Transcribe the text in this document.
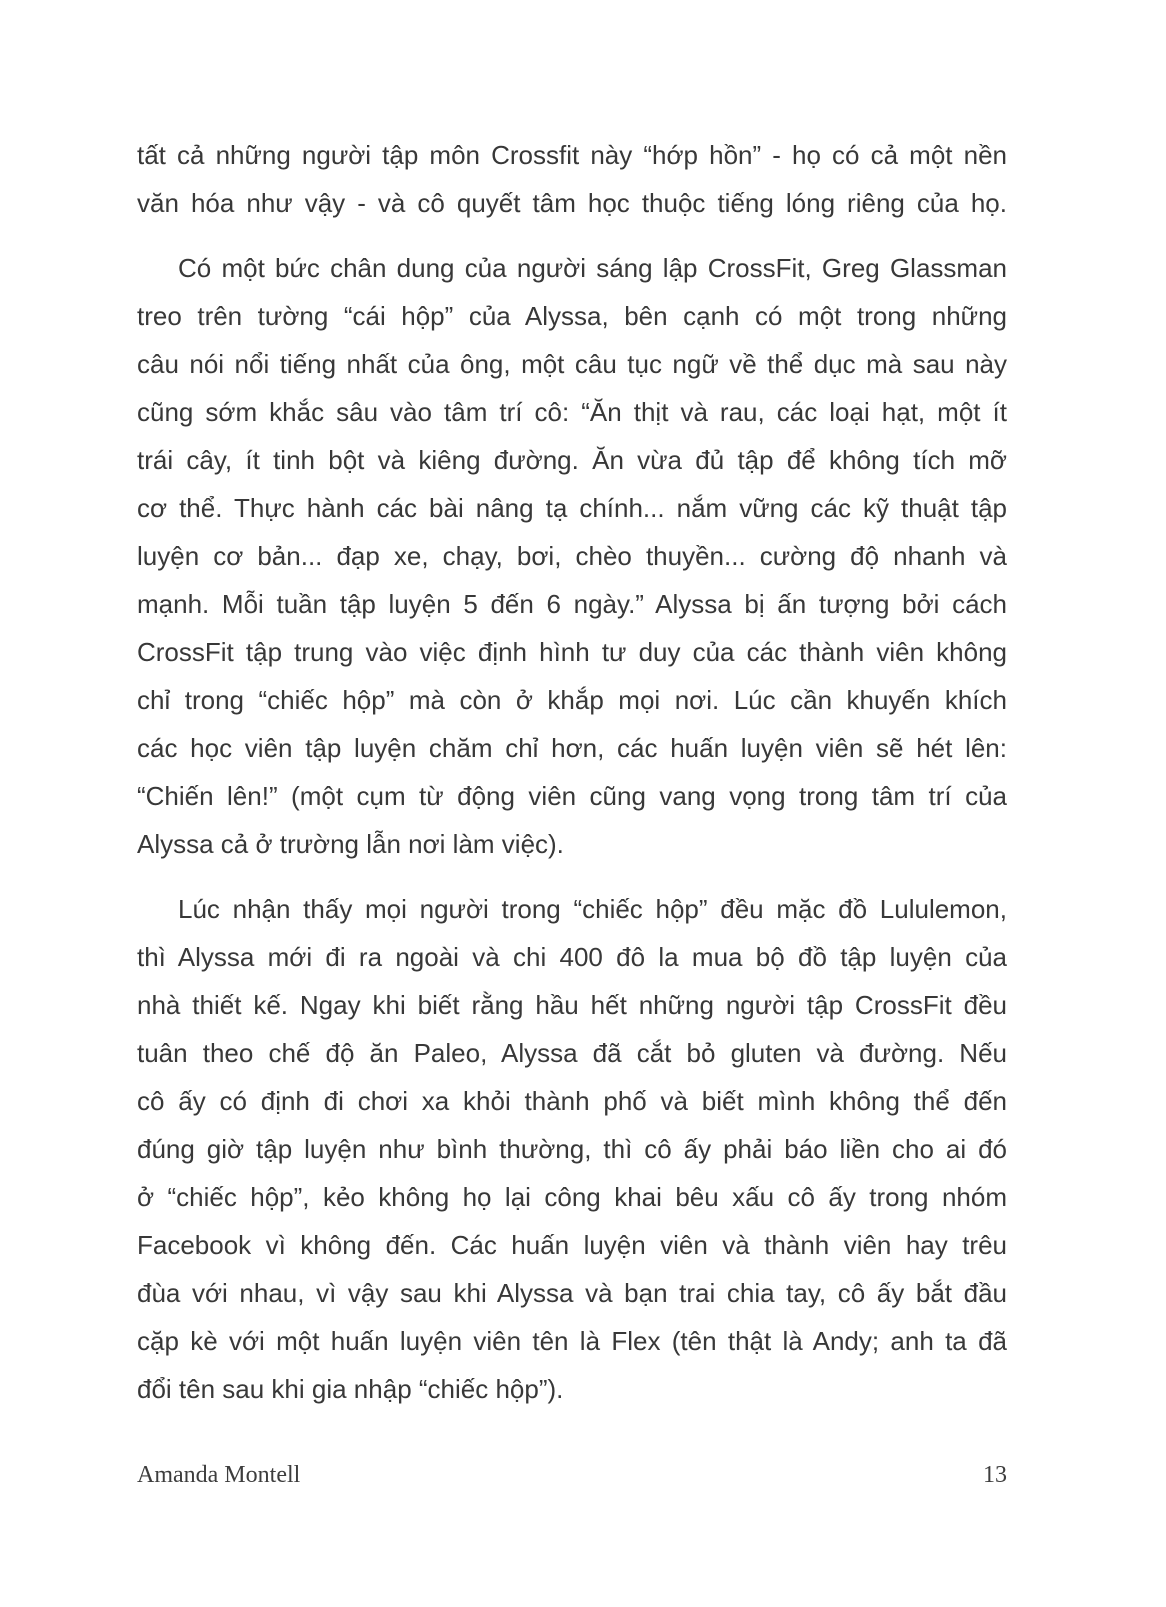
tất cả những người tập môn Crossfit này “hớp hồn” - họ có cả một nền
văn hóa như vậy - và cô quyết tâm học thuộc tiếng lóng riêng của họ.
Có một bức chân dung của người sáng lập CrossFit, Greg Glassman
treo trên tường “cái hộp” của Alyssa, bên cạnh có một trong những
câu nói nổi tiếng nhất của ông, một câu tục ngữ về thể dục mà sau này
cũng sớm khắc sâu vào tâm trí cô: “Ăn thịt và rau, các loại hạt, một ít
trái cây, ít tinh bột và kiêng đường. Ăn vừa đủ tập để không tích mỡ
cơ thể. Thực hành các bài nâng tạ chính... nắm vững các kỹ thuật tập
luyện cơ bản... đạp xe, chạy, bơi, chèo thuyền... cường độ nhanh và
mạnh. Mỗi tuần tập luyện 5 đến 6 ngày.” Alyssa bị ấn tượng bởi cách
CrossFit tập trung vào việc định hình tư duy của các thành viên không
chỉ trong “chiếc hộp” mà còn ở khắp mọi nơi. Lúc cần khuyến khích
các học viên tập luyện chăm chỉ hơn, các huấn luyện viên sẽ hét lên:
“Chiến lên!” (một cụm từ động viên cũng vang vọng trong tâm trí của
Alyssa cả ở trường lẫn nơi làm việc).
Lúc nhận thấy mọi người trong “chiếc hộp” đều mặc đồ Lululemon,
thì Alyssa mới đi ra ngoài và chi 400 đô la mua bộ đồ tập luyện của
nhà thiết kế. Ngay khi biết rằng hầu hết những người tập CrossFit đều
tuân theo chế độ ăn Paleo, Alyssa đã cắt bỏ gluten và đường. Nếu
cô ấy có định đi chơi xa khỏi thành phố và biết mình không thể đến
đúng giờ tập luyện như bình thường, thì cô ấy phải báo liền cho ai đó
ở “chiếc hộp”, kẻo không họ lại công khai bêu xấu cô ấy trong nhóm
Facebook vì không đến. Các huấn luyện viên và thành viên hay trêu
đùa với nhau, vì vậy sau khi Alyssa và bạn trai chia tay, cô ấy bắt đầu
cặp kè với một huấn luyện viên tên là Flex (tên thật là Andy; anh ta đã
đổi tên sau khi gia nhập “chiếc hộp”).
Amanda Montell	13
